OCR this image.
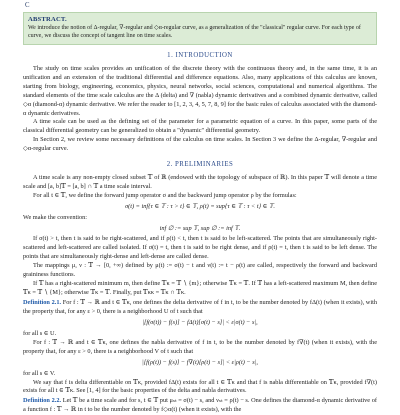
C
ABSTRACT.
We introduce the notion of Δ-regular, ∇-regular and ◇α-regular curve, as a generalization of the "classical" regular curve. For each type of curve, we discuss the concept of tangent line on time scales.
1. INTRODUCTION

The study on time scales provides an unification of the discrete theory with the continuous theory and, in the same time, it is an unification and an extension of the traditional differential and difference equations. Also, many applications of this calculus are known, starting from biology, engineering, economics, physics, neural networks, social sciences, computational and numerical algorithms. The standard elements of the time scale calculus are the Δ (delta) and ∇ (nabla) dynamic derivatives and a combined dynamic derivative, called ◇α (diamond-α) dynamic derivative. We refer the reader to [1, 2, 3, 4, 5, 7, 8, 9] for the basic rules of calculus associated with the diamond-α dynamic derivatives.

A time scale can be used as the defining set of the parameter for a parametric equation of a curve. In this paper, some parts of the classical differential geometry can be generalized to obtain a "dynamic" differential geometry.

In Section 2, we review some necessary definitions of the calculus on time scales. In Section 3 we define the Δ-regular, ∇-regular and ◇α-regular curve.

2. PRELIMINARIES

A time scale is any non-empty closed subset 𝕋 of ℝ (endowed with the topology of subspace of ℝ). In this paper 𝕋 will denote a time scale and [a, b]𝕋 = [a, b] ∩ 𝕋 a time scale interval.

For all t ∈ 𝕋, we define the forward jump operator σ and the backward jump operator ρ by the formulas:

σ(t) = inf{τ ∈ 𝕋 : τ > t} ∈ 𝕋, ρ(t) = sup{τ ∈ 𝕋 : τ < t} ∈ 𝕋.

We make the convention:

inf ∅ := sup 𝕋, sup ∅ := inf 𝕋.

If σ(t) > t, then t is said to be right-scattered, and if ρ(t) < t, then t is said to be left-scattered. The points that are simultaneously right-scattered and left-scattered are called isolated. If σ(t) = t, then t is said to be right dense, and if ρ(t) = t, then t is said to be left dense. The points that are simultaneously right-dense and left-dense are called dense.

The mappings μ, ν : 𝕋 → [0, +∞) defined by μ(t) := σ(t) − t and ν(t) := t − ρ(t) are called, respectively the forward and backward graininess functions.

If 𝕋 has a right-scattered minimum m, then define 𝕋κ = 𝕋 ∖ {m}; otherwise 𝕋κ = 𝕋. If 𝕋 has a left-scattered maximum M, then define 𝕋κ = 𝕋 ∖ {M}; otherwise 𝕋κ = 𝕋. Finally, put 𝕋κκ = 𝕋κ ∩ 𝕋κ.

Definition 2.1. For f : 𝕋 → ℝ and t ∈ 𝕋κ, one defines the delta derivative of f in t, to be the number denoted by fΔ(t) (when it exists), with the property that, for any ε > 0, there is a neighborhood U of t such that
|[f(σ(t)) − f(s)] − fΔ(t)[σ(t) − s]| < ε|σ(t) − s|,

for all s ∈ U.

For f : 𝕋 → ℝ and t ∈ 𝕋κ, one defines the nabla derivative of f in t, to be the number denoted by f∇(t) (when it exists), with the property that, for any ε > 0, there is a neighborhood V of t such that

|[f(ρ(t)) − f(s)] − f∇(t)[ρ(t) − s]| < ε|ρ(t) − s|,

for all s ∈ V.

We say that f is delta differentiable on 𝕋κ, provided fΔ(t) exists for all t ∈ 𝕋κ and that f is nabla differentiable on 𝕋κ, provided f∇(t) exists for all t ∈ 𝕋κ. See [1, 4] for the basic properties of the delta and nabla derivatives.

Definition 2.2. Let 𝕋 be a time scale and for s, t ∈ 𝕋 put μₛₜ = σ(t) − s, and νₛₜ = ρ(t) − s. One defines the diamond-α dynamic derivative of a function f : 𝕋 → ℝ in t to be the number denoted by f◇α(t) (when it exists), with the
